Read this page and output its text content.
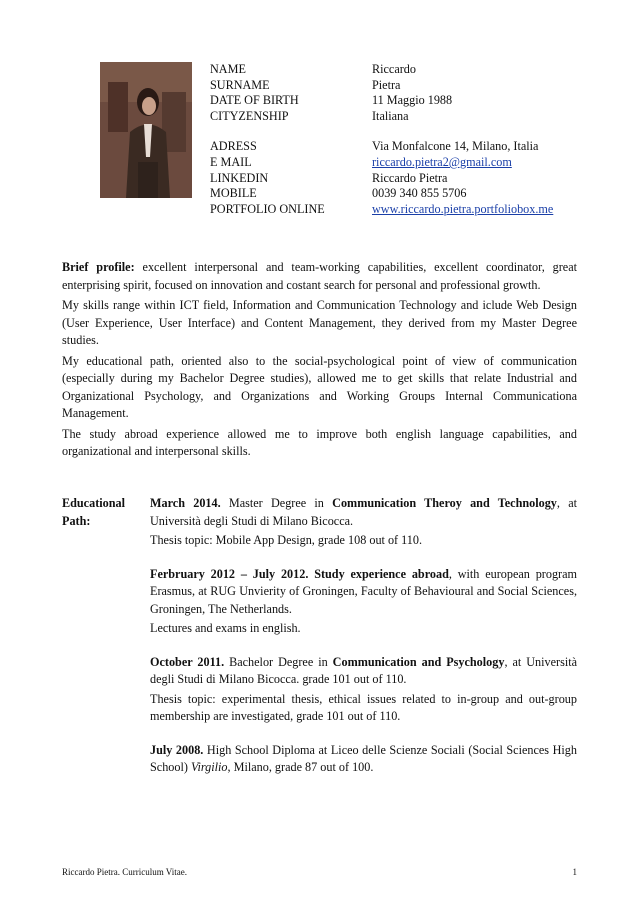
NAME	Riccardo
SURNAME	Pietra
DATE OF BIRTH	11 Maggio 1988
CITYZENSHIP	Italiana
ADRESS	Via Monfalcone 14, Milano, Italia
E MAIL	riccardo.pietra2@gmail.com
LINKEDIN	Riccardo Pietra
MOBILE	0039 340 855 5706
PORTFOLIO ONLINE	www.riccardo.pietra.portfoliobox.me

Brief profile: excellent interpersonal and team-working capabilities, excellent coordinator, great enterprising spirit, focused on innovation and costant search for personal and professional growth.

My skills range within ICT field, Information and Communication Technology and iclude Web Design (User Experience, User Interface) and Content Management, they derived from my Master Degree studies.

My educational path, oriented also to the social-psychological point of view of communication (especially during my Bachelor Degree studies), allowed me to get skills that relate Industrial and Organizational Psychology, and Organizations and Working Groups Internal Communicationa Management.

The study abroad experience allowed me to improve both english language capabilities, and organizational and interpersonal skills.

Educational
Path:

March 2014. Master Degree in Communication Theroy and Technology, at Università degli Studi di Milano Bicocca.

Thesis topic: Mobile App Design, grade 108 out of 110.

Ferbruary 2012 – July 2012. Study experience abroad, with european program Erasmus, at RUG Unvierity of Groningen, Faculty of Behavioural and Social Sciences, Groningen, The Netherlands.

Lectures and exams in english.

October 2011. Bachelor Degree in Communication and Psychology, at Università degli Studi di Milano Bicocca. grade 101 out of 110.

Thesis topic: experimental thesis, ethical issues related to in-group and out-group membership are investigated, grade 101 out of 110.

July 2008. High School Diploma at Liceo delle Scienze Sociali (Social Sciences High School) Virgilio, Milano, grade 87 out of 100.

Riccardo Pietra. Curriculum Vitae.	1
